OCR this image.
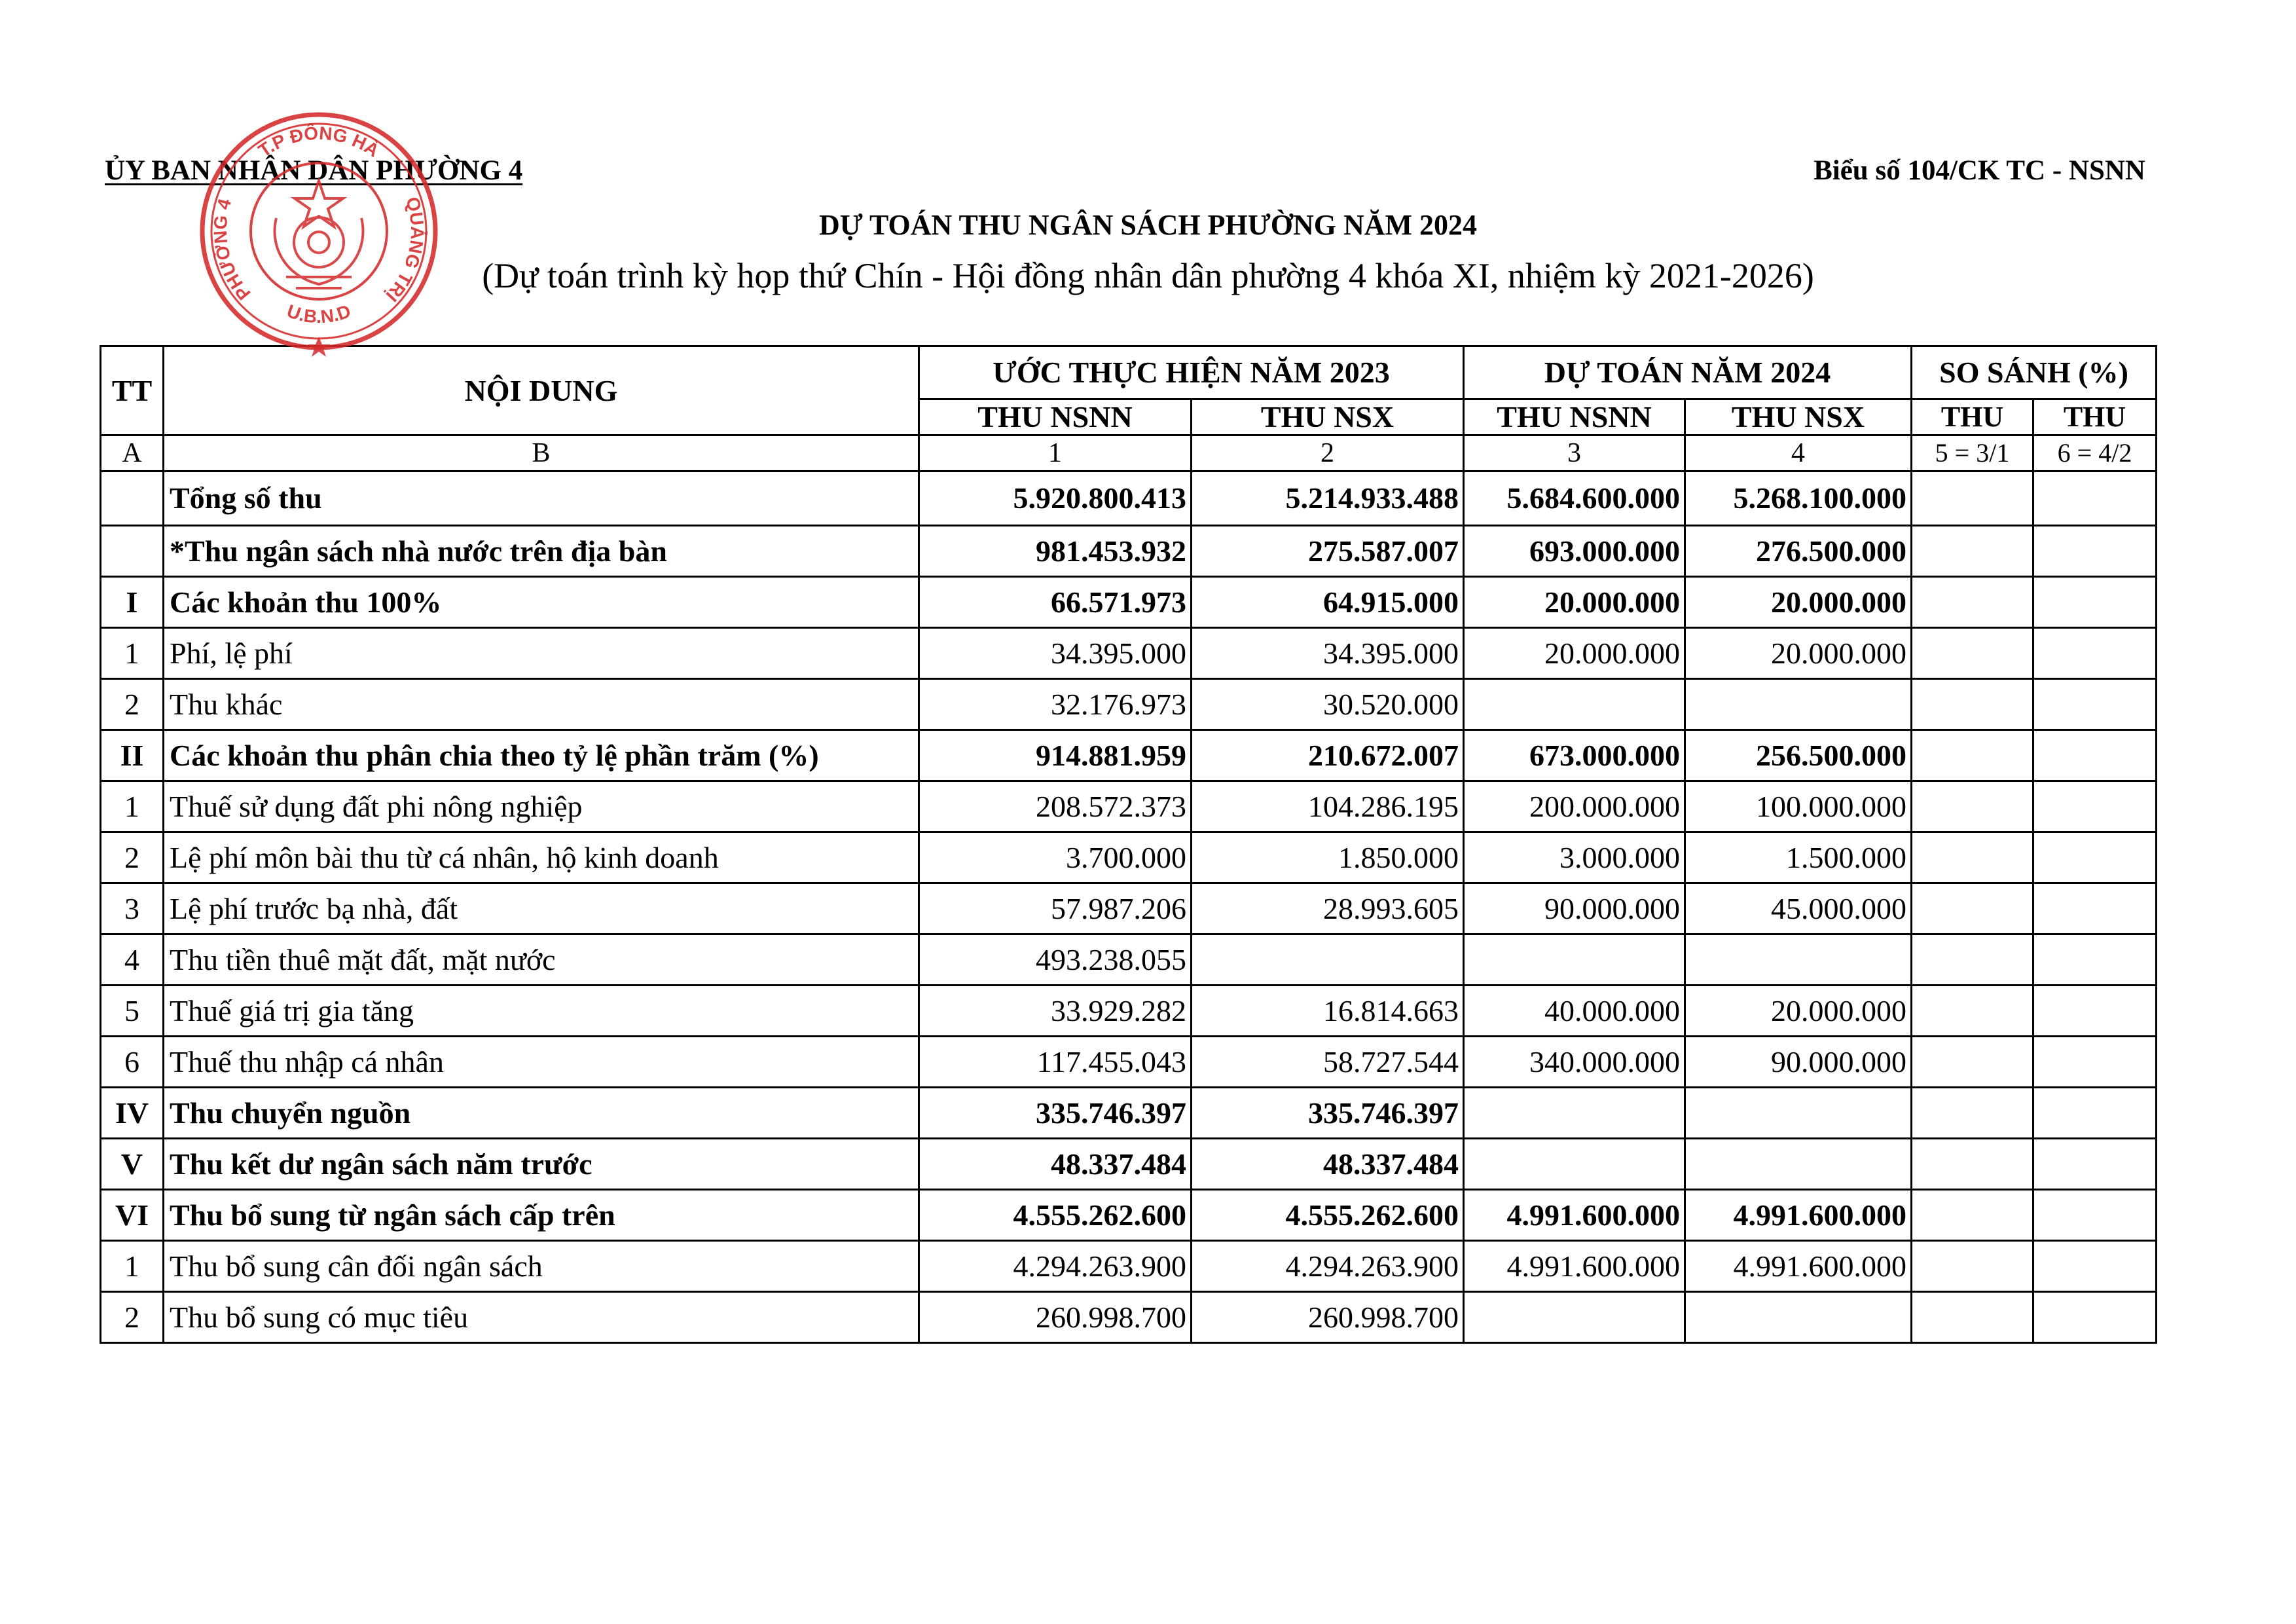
ỦY BAN NHÂN DÂN PHƯỜNG 4	Biểu số 104/CK TC - NSNN
DỰ TOÁN THU NGÂN SÁCH PHƯỜNG NĂM 2024
(Dự toán trình kỳ họp thứ Chín - Hội đồng nhân dân phường 4 khóa XI, nhiệm kỳ 2021-2026)
TT	NỘI DUNG	ƯỚC THỰC HIỆN NĂM 2023		DỰ TOÁN NĂM 2024		SO SÁNH (%)	
		THU NSNN	THU NSX	THU NSNN	THU NSX	THU	THU
A	B	1	2	3	4	5 = 3/1	6 = 4/2
	Tổng số thu	5.920.800.413	5.214.933.488	5.684.600.000	5.268.100.000		
	*Thu ngân sách nhà nước trên địa bàn	981.453.932	275.587.007	693.000.000	276.500.000		
I	Các khoản thu 100%	66.571.973	64.915.000	20.000.000	20.000.000		
1	Phí, lệ phí	34.395.000	34.395.000	20.000.000	20.000.000		
2	Thu khác	32.176.973	30.520.000				
II	Các khoản thu phân chia theo tỷ lệ phần trăm (%)	914.881.959	210.672.007	673.000.000	256.500.000		
1	Thuế sử dụng đất phi nông nghiệp	208.572.373	104.286.195	200.000.000	100.000.000		
2	Lệ phí môn bài thu từ cá nhân, hộ kinh doanh	3.700.000	1.850.000	3.000.000	1.500.000		
3	Lệ phí trước bạ nhà, đất	57.987.206	28.993.605	90.000.000	45.000.000		
4	Thu tiền thuê mặt đất, mặt nước	493.238.055					
5	Thuế giá trị gia tăng	33.929.282	16.814.663	40.000.000	20.000.000		
6	Thuế thu nhập cá nhân	117.455.043	58.727.544	340.000.000	90.000.000		
IV	Thu chuyển nguồn	335.746.397	335.746.397				
V	Thu kết dư ngân sách năm trước	48.337.484	48.337.484				
VI	Thu bổ sung từ ngân sách cấp trên	4.555.262.600	4.555.262.600	4.991.600.000	4.991.600.000		
1	Thu bổ sung cân đối ngân sách	4.294.263.900	4.294.263.900	4.991.600.000	4.991.600.000		
2	Thu bổ sung có mục tiêu	260.998.700	260.998.700				
T.P ĐÔNG HÀ
PHƯỜNG 4	QUẢNG TRỊ
U.B.N.D
